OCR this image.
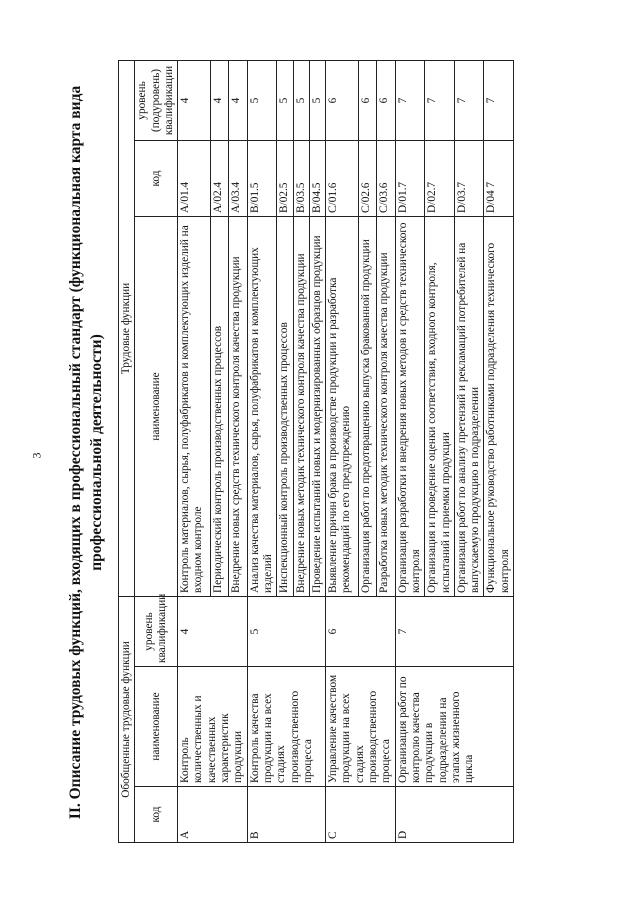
3 II. Описание трудовых функций, входящих в профессиональный стандарт (функциональная карта вида профессиональной деятельности)
Обобщенные трудовые функции			Трудовые функции		
код	наименование	уровень квалификации	наименование	код	уровень (подуровень) квалификации
A	Контроль количественных и качественных характеристик продукции	4	Контроль материалов, сырья, полуфабрикатов и комплектующих изделий на входном контроле	A/01.4	4
			Периодический контроль производственных процессов	A/02.4	4
			Внедрение новых средств технического контроля качества продукции	A/03.4	4
B	Контроль качества продукции на всех стадиях производственного процесса	5	Анализ качества материалов, сырья, полуфабрикатов и комплектующих изделий	B/01.5	5
			Инспекционный контроль производственных процессов	B/02.5	5
			Внедрение новых методик технического контроля качества продукции	B/03.5	5
			Проведение испытаний новых и модернизированных образцов продукции	B/04.5	5
C	Управление качеством продукции на всех стадиях производственного процесса	6	Выявление причин брака в производстве продукции и разработка рекомендаций по его предупреждению	C/01.6	6
			Организация работ по предотвращению выпуска бракованной продукции	C/02.6	6
			Разработка новых методик технического контроля качества продукции	C/03.6	6
D	Организация работ по контролю качества продукции в подразделении на этапах жизненного цикла	7	Организация разработки и внедрения новых методов и средств технического контроля	D/01.7	7
			Организация и проведение оценки соответствия, входного контроля, испытаний и приемки продукции	D/02.7	7
			Организация работ по анализу претензий и рекламаций потребителей на выпускаемую продукцию в подразделении	D/03.7	7
			Функциональное руководство работниками подразделения технического контроля	D/04 7	7
